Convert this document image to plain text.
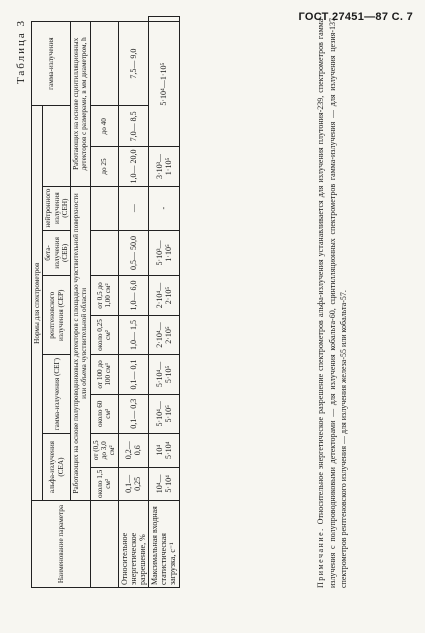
ГОСТ 27451—87 С. 7
Таблица 3
Наименование параметра	Нормы для спектрометров										гамма-излучения	
	альфа-излучения (СЕА)		гамма-излучения (СЕГ)		рентгеновского излучения (СЕР)		бета-излучения (СЕБ)	нейтронного излучения (СЕН)				
	Работающих на основе полупроводниковых детекторов с площадью чувствительной поверхности или объема чувствительной области								Работающих на основе сцинтилляционных детекторов с размерами, в мм диаметром, h			
	около 1,5 см²	от (0,5 до 3,0 см²	около 60 см³	от 100 до 100 см³	около 0,25 см²	от 0,5 до 1,00 см²			до 25	до 40		
Относительное энергетическое разрешение, %	0,1— 0,25	0,2— 0,6	0,1— 0,3	0,1— 0,1	1,0— 1,5	1,0— 6,0	0,5— 50,0	—	1,0— 20,0	7,0— 8,5	7,5— 9,0	
Максимальная входная статистическая загрузка, с⁻¹	10⁴— 5·10⁴	10⁴ 5·10⁴	5·10⁴— 5·10⁵	5·10⁴— 5·10⁵	2·10⁴— 2·10⁵	2·10⁴— 2·10⁵	5·10³— 1·10⁵	-	3·10³— 1·10⁵	5·10⁴—1·10⁵		
Примечание. Относительное энергетическое разрешение спектрометров альфа-излучения устанавливается для излучения плутония-239, спектрометров гамма-излучения с полупроводниковыми детекторами — для излучения кобальта-60, сцинтилляционных спектрометров гамма-излучения — для излучения цезия-137, спектрометров рентгеновского излучения — для излучения железа-55 или кобальта-57.
